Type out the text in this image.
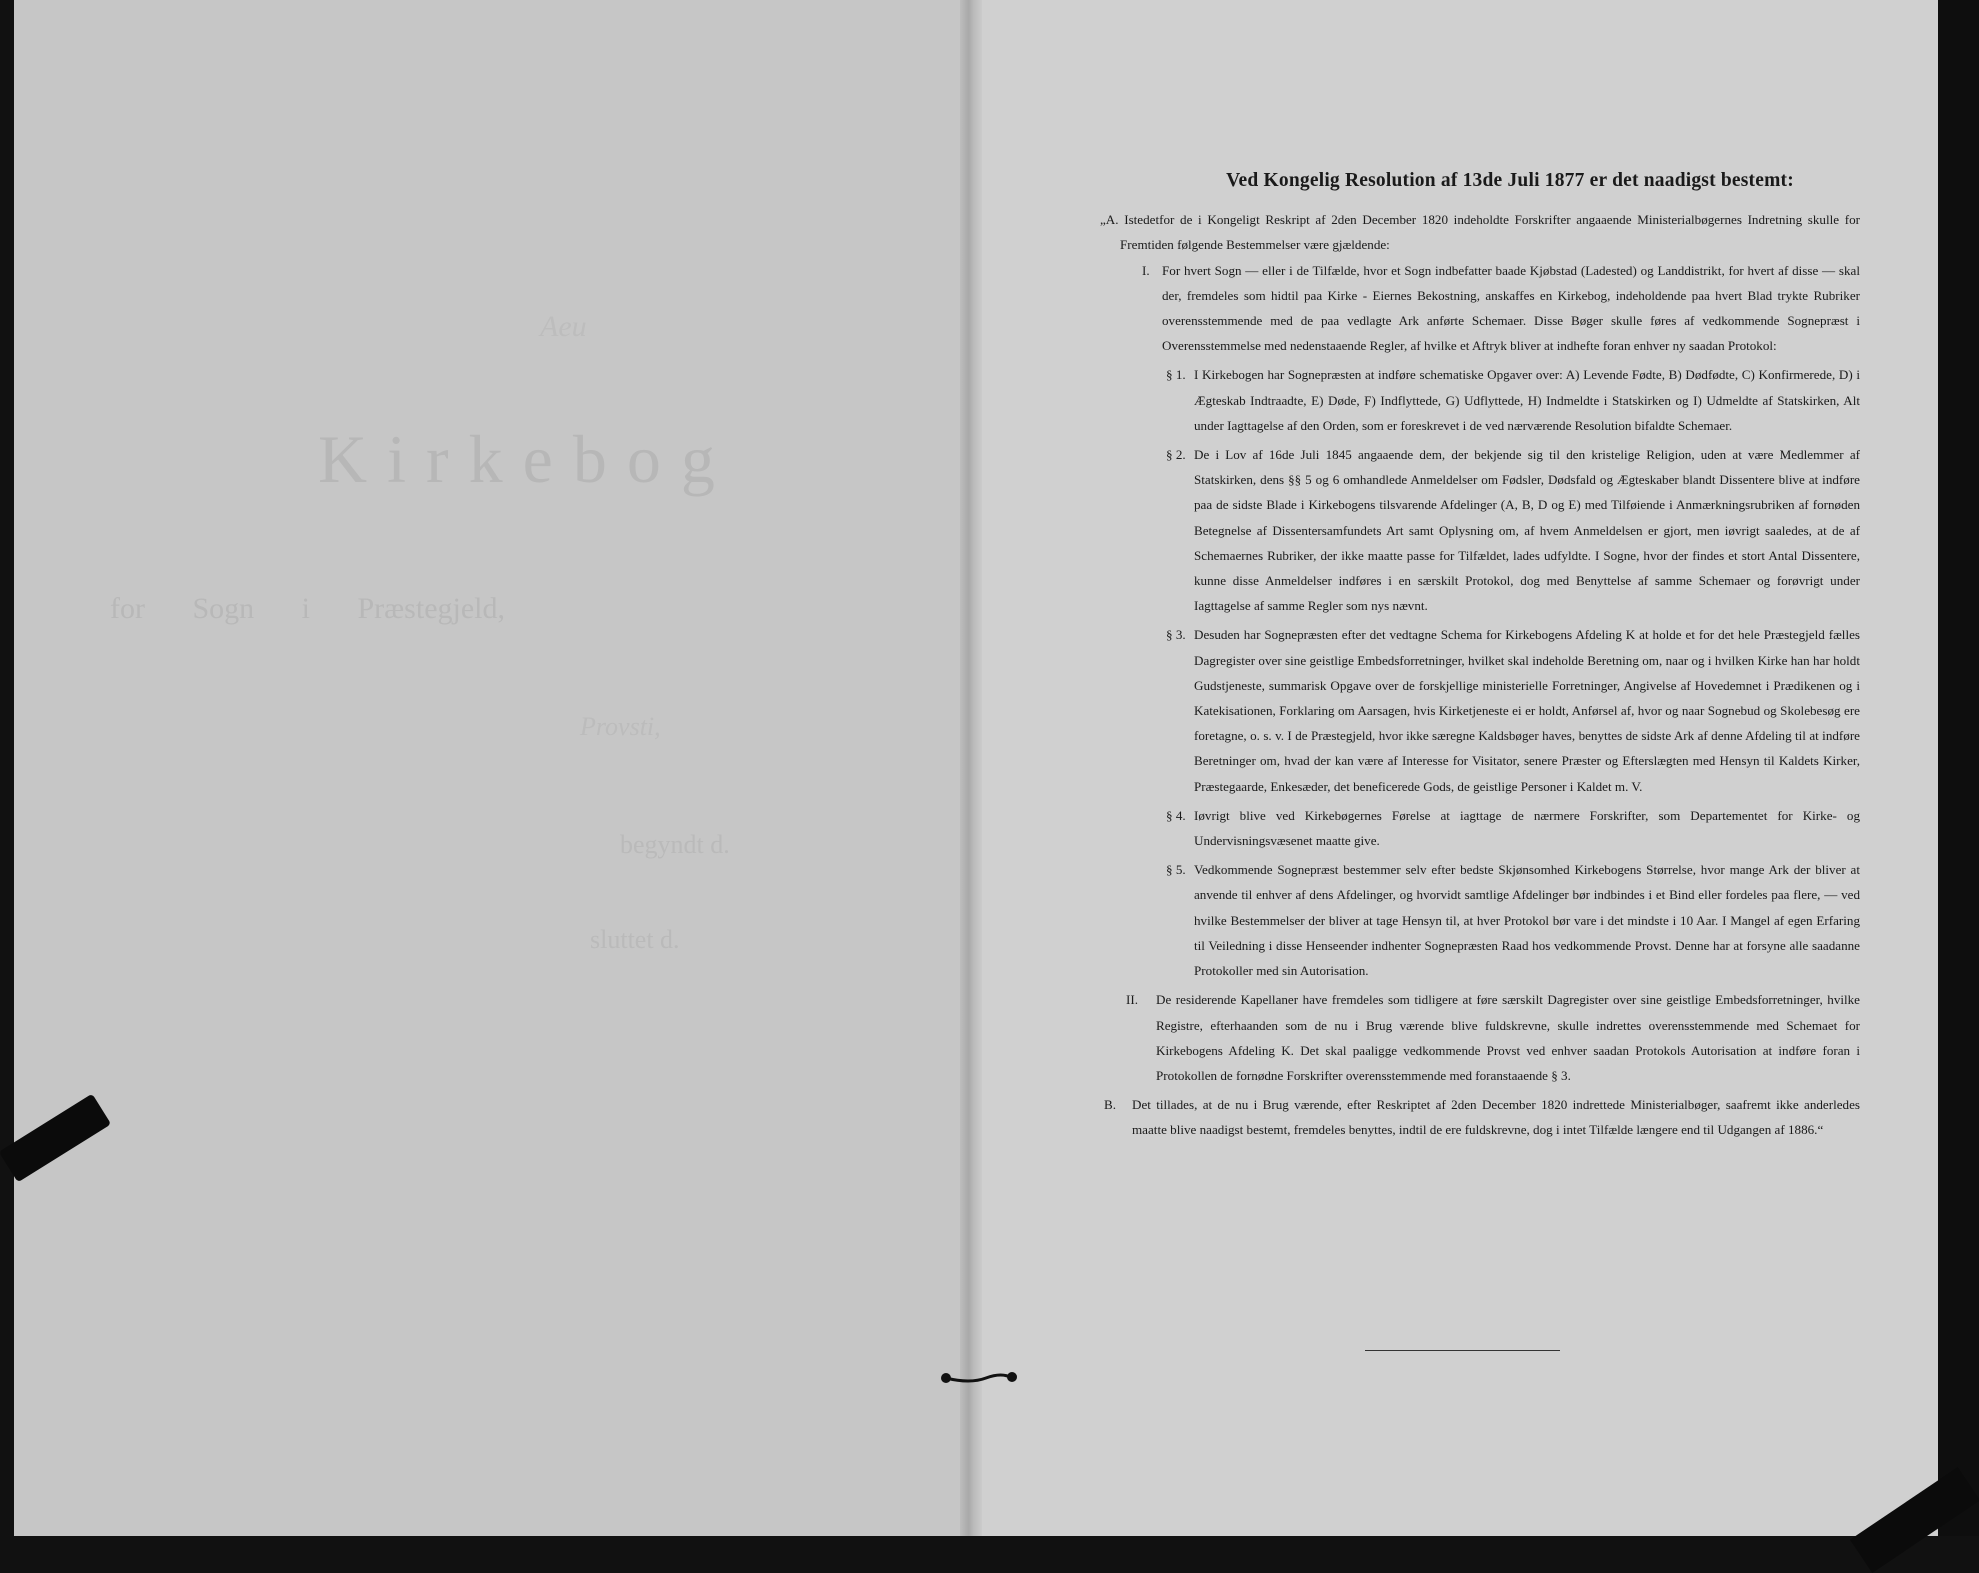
Aeu
Kirkebog
for Sogn i Præstegjeld,
Provsti,
begyndt d.
sluttet d.
Ved Kongelig Resolution af 13de Juli 1877 er det naadigst bestemt:
„A. Istedetfor de i Kongeligt Reskript af 2den December 1820 indeholdte Forskrifter angaaende Ministerialbøgernes Indretning skulle for Fremtiden følgende Bestemmelser være gjældende:
I. For hvert Sogn — eller i de Tilfælde, hvor et Sogn indbefatter baade Kjøbstad (Ladested) og Landdistrikt, for hvert af disse — skal der, fremdeles som hidtil paa Kirke - Eiernes Bekostning, anskaffes en Kirkebog, indeholdende paa hvert Blad trykte Rubriker overensstemmende med de paa vedlagte Ark anførte Schemaer. Disse Bøger skulle føres af vedkommende Sognepræst i Overensstemmelse med nedenstaaende Regler, af hvilke et Aftryk bliver at indhefte foran enhver ny saadan Protokol:
§ 1. I Kirkebogen har Sognepræsten at indføre schematiske Opgaver over: A) Levende Fødte, B) Dødfødte, C) Konfirmerede, D) i Ægteskab Indtraadte, E) Døde, F) Indflyttede, G) Udflyttede, H) Indmeldte i Statskirken og I) Udmeldte af Statskirken, Alt under Iagttagelse af den Orden, som er foreskrevet i de ved nærværende Resolution bifaldte Schemaer.
§ 2. De i Lov af 16de Juli 1845 angaaende dem, der bekjende sig til den kristelige Religion, uden at være Medlemmer af Statskirken, dens §§ 5 og 6 omhandlede Anmeldelser om Fødsler, Dødsfald og Ægteskaber blandt Dissentere blive at indføre paa de sidste Blade i Kirkebogens tilsvarende Afdelinger (A, B, D og E) med Tilføiende i Anmærkningsrubriken af fornøden Betegnelse af Dissentersamfundets Art samt Oplysning om, af hvem Anmeldelsen er gjort, men iøvrigt saaledes, at de af Schemaernes Rubriker, der ikke maatte passe for Tilfældet, lades udfyldte. I Sogne, hvor der findes et stort Antal Dissentere, kunne disse Anmeldelser indføres i en særskilt Protokol, dog med Benyttelse af samme Schemaer og forøvrigt under Iagttagelse af samme Regler som nys nævnt.
§ 3. Desuden har Sognepræsten efter det vedtagne Schema for Kirkebogens Afdeling K at holde et for det hele Præstegjeld fælles Dagregister over sine geistlige Embedsforretninger, hvilket skal indeholde Beretning om, naar og i hvilken Kirke han har holdt Gudstjeneste, summarisk Opgave over de forskjellige ministerielle Forretninger, Angivelse af Hovedemnet i Prædikenen og i Katekisationen, Forklaring om Aarsagen, hvis Kirketjeneste ei er holdt, Anførsel af, hvor og naar Sognebud og Skolebesøg ere foretagne, o. s. v. I de Præstegjeld, hvor ikke særegne Kaldsbøger haves, benyttes de sidste Ark af denne Afdeling til at indføre Beretninger om, hvad der kan være af Interesse for Visitator, senere Præster og Efterslægten med Hensyn til Kaldets Kirker, Præstegaarde, Enkesæder, det beneficerede Gods, de geistlige Personer i Kaldet m. V.
§ 4. Iøvrigt blive ved Kirkebøgernes Førelse at iagttage de nærmere Forskrifter, som Departementet for Kirke- og Undervisningsvæsenet maatte give.
§ 5. Vedkommende Sognepræst bestemmer selv efter bedste Skjønsomhed Kirkebogens Størrelse, hvor mange Ark der bliver at anvende til enhver af dens Afdelinger, og hvorvidt samtlige Afdelinger bør indbindes i et Bind eller fordeles paa flere, — ved hvilke Bestemmelser der bliver at tage Hensyn til, at hver Protokol bør vare i det mindste i 10 Aar. I Mangel af egen Erfaring til Veiledning i disse Henseender indhenter Sognepræsten Raad hos vedkommende Provst. Denne har at forsyne alle saadanne Protokoller med sin Autorisation.
II.	De residerende Kapellaner have fremdeles som tidligere at føre særskilt Dagregister over sine geistlige Embedsforretninger, hvilke Registre, efterhaanden som de nu i Brug værende blive fuldskrevne, skulle indrettes overensstemmende med Schemaet for Kirkebogens Afdeling K. Det skal paaligge vedkommende Provst ved enhver saadan Protokols Autorisation at indføre foran i Protokollen de fornødne Forskrifter overensstemmende med foranstaaende § 3.
B.	Det tillades, at de nu i Brug værende, efter Reskriptet af 2den December 1820 indrettede Ministerialbøger, saafremt ikke anderledes maatte blive naadigst bestemt, fremdeles benyttes, indtil de ere fuldskrevne, dog i intet Tilfælde længere end til Udgangen af 1886.“
